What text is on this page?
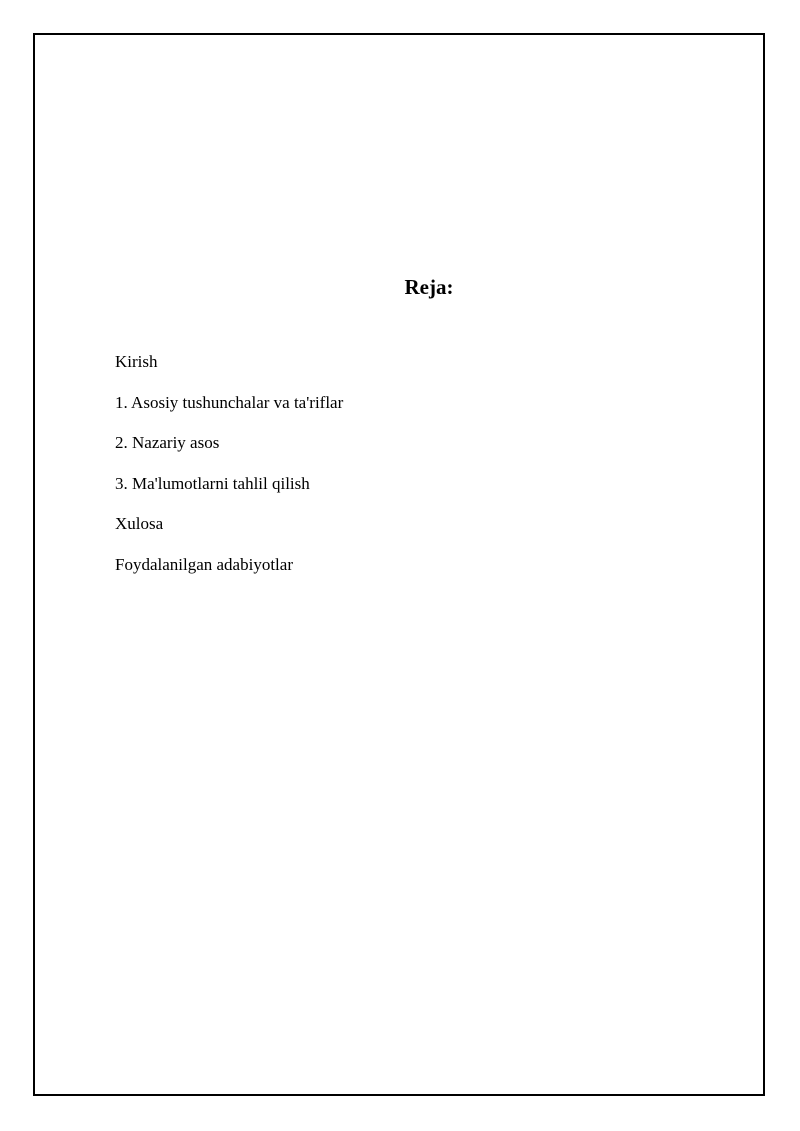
Reja:
Kirish
1. Asosiy tushunchalar va ta'riflar
2. Nazariy asos
3. Ma'lumotlarni tahlil qilish
Xulosa
Foydalanilgan adabiyotlar
